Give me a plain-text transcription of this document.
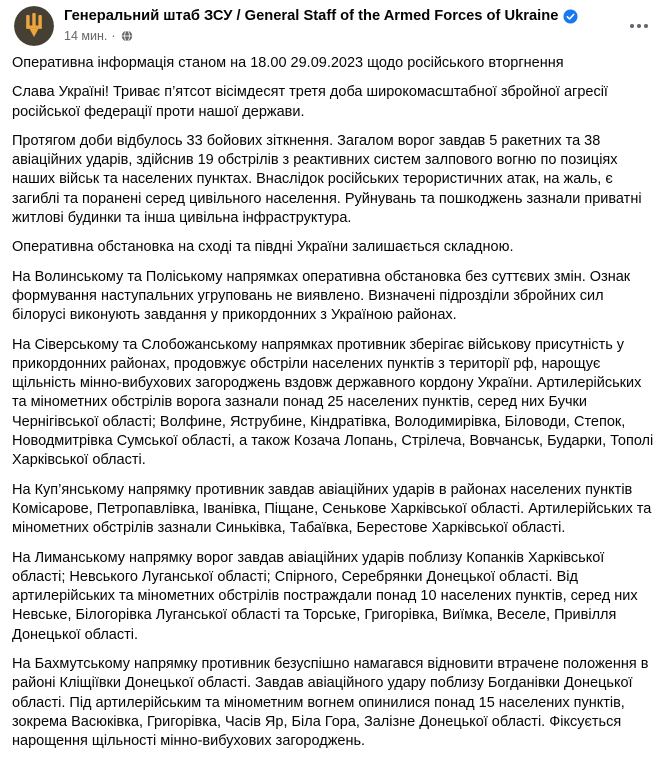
Генеральний штаб ЗСУ / General Staff of the Armed Forces of Ukraine
14 мин. ·

Оперативна інформація станом на 18.00 29.09.2023 щодо російського вторгнення

Слава Україні! Триває п’ятсот вісімдесят третя доба широкомасштабної збройної агресії російської федерації проти нашої держави.

Протягом доби відбулось 33 бойових зіткнення. Загалом ворог завдав 5 ракетних та 38 авіаційних ударів, здійснив 19 обстрілів з реактивних систем залпового вогню по позиціях наших військ та населених пунктах. Внаслідок російських терористичних атак, на жаль, є загиблі та поранені серед цивільного населення. Руйнувань та пошкоджень зазнали приватні житлові будинки та інша цивільна інфраструктура.

Оперативна обстановка на сході та півдні України залишається складною.

На Волинському та Поліському напрямках оперативна обстановка без суттєвих змін. Ознак формування наступальних угруповань не виявлено. Визначені підрозділи збройних сил білорусі виконують завдання у прикордонних з Україною районах.

На Сіверському та Слобожанському напрямках противник зберігає військову присутність у прикордонних районах, продовжує обстріли населених пунктів з території рф, нарощує щільність мінно-вибухових загороджень вздовж державного кордону України. Артилерійських та мінометних обстрілів ворога зазнали понад 25 населених пунктів, серед них Бучки Чернігівської області; Волфине, Яструбине, Кіндратівка, Володимирівка, Біловоди, Степок, Новодмитрівка Сумської області, а також Козача Лопань, Стрілеча, Вовчанськ, Бударки, Тополі Харківської області.

На Куп’янському напрямку противник завдав авіаційних ударів в районах населених пунктів Комісарове, Петропавлівка, Іванівка, Піщане, Сенькове Харківської області. Артилерійських та мінометних обстрілів зазнали Синьківка, Табаївка, Берестове Харківської області.

На Лиманському напрямку ворог завдав авіаційних ударів поблизу Копанків Харківської області; Невського Луганської області; Спірного, Серебрянки Донецької області. Від артилерійських та мінометних обстрілів постраждали понад 10 населених пунктів, серед них Невське, Білогорівка Луганської області та Торське, Григорівка, Виїмка, Веселе, Привілля Донецької області.

На Бахмутському напрямку противник безуспішно намагався відновити втрачене положення в районі Кліщіївки Донецької області. Завдав авіаційного удару поблизу Богданівки Донецької області. Під артилерійським та мінометним вогнем опинилися понад 15 населених пунктів, зокрема Васюківка, Григорівка, Часів Яр, Біла Гора, Залізне Донецької області. Фіксується нарощення щільності мінно-вибухових загороджень.
